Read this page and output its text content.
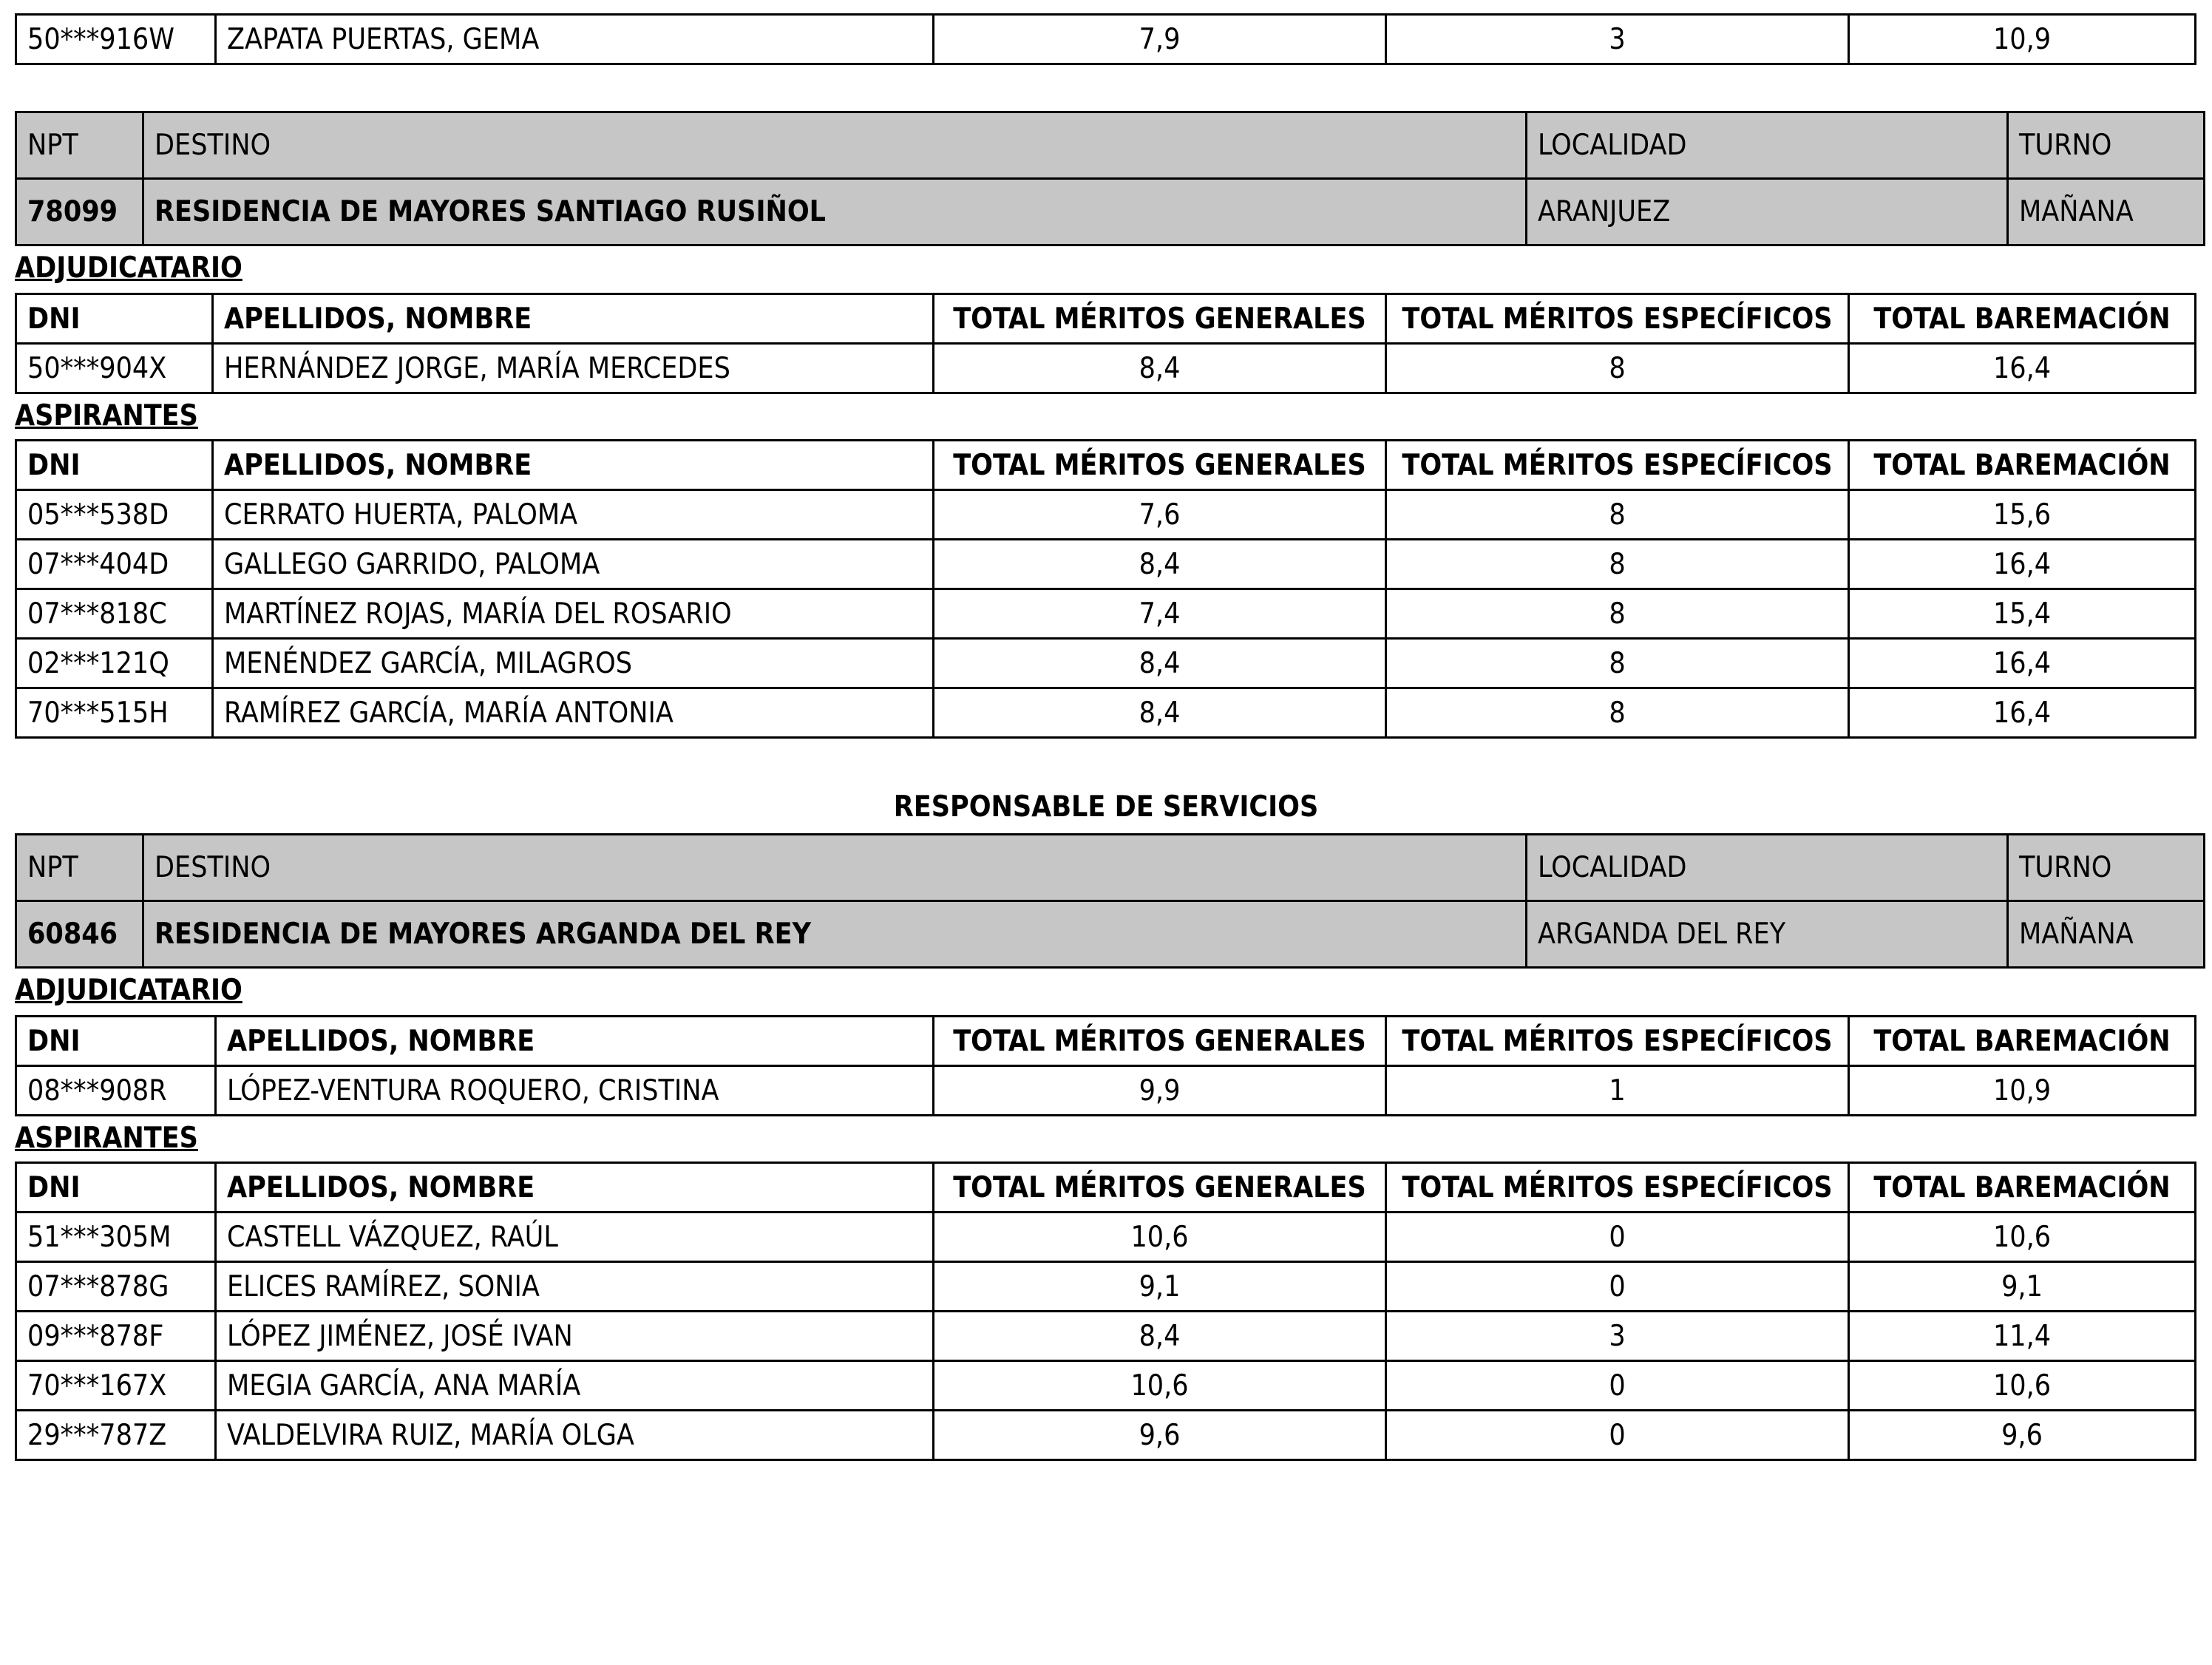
50***916W	ZAPATA PUERTAS, GEMA	7,9	3	10,9
NPT	DESTINO	LOCALIDAD	TURNO
78099	RESIDENCIA DE MAYORES SANTIAGO RUSIÑOL	ARANJUEZ	MAÑANA
ADJUDICATARIO
DNI	APELLIDOS, NOMBRE	TOTAL MÉRITOS GENERALES	TOTAL MÉRITOS ESPECÍFICOS	TOTAL BAREMACIÓN
50***904X	HERNÁNDEZ JORGE, MARÍA MERCEDES	8,4	8	16,4
ASPIRANTES
DNI	APELLIDOS, NOMBRE	TOTAL MÉRITOS GENERALES	TOTAL MÉRITOS ESPECÍFICOS	TOTAL BAREMACIÓN
05***538D	CERRATO HUERTA, PALOMA	7,6	8	15,6
07***404D	GALLEGO GARRIDO, PALOMA	8,4	8	16,4
07***818C	MARTÍNEZ ROJAS, MARÍA DEL ROSARIO	7,4	8	15,4
02***121Q	MENÉNDEZ GARCÍA, MILAGROS	8,4	8	16,4
70***515H	RAMÍREZ GARCÍA, MARÍA ANTONIA	8,4	8	16,4
RESPONSABLE DE SERVICIOS
NPT	DESTINO	LOCALIDAD	TURNO
60846	RESIDENCIA DE MAYORES ARGANDA DEL REY	ARGANDA DEL REY	MAÑANA
ADJUDICATARIO
DNI	APELLIDOS, NOMBRE	TOTAL MÉRITOS GENERALES	TOTAL MÉRITOS ESPECÍFICOS	TOTAL BAREMACIÓN
08***908R	LÓPEZ-VENTURA ROQUERO, CRISTINA	9,9	1	10,9
ASPIRANTES
DNI	APELLIDOS, NOMBRE	TOTAL MÉRITOS GENERALES	TOTAL MÉRITOS ESPECÍFICOS	TOTAL BAREMACIÓN
51***305M	CASTELL VÁZQUEZ, RAÚL	10,6	0	10,6
07***878G	ELICES RAMÍREZ, SONIA	9,1	0	9,1
09***878F	LÓPEZ JIMÉNEZ, JOSÉ IVAN	8,4	3	11,4
70***167X	MEGIA GARCÍA, ANA MARÍA	10,6	0	10,6
29***787Z	VALDELVIRA RUIZ, MARÍA OLGA	9,6	0	9,6
